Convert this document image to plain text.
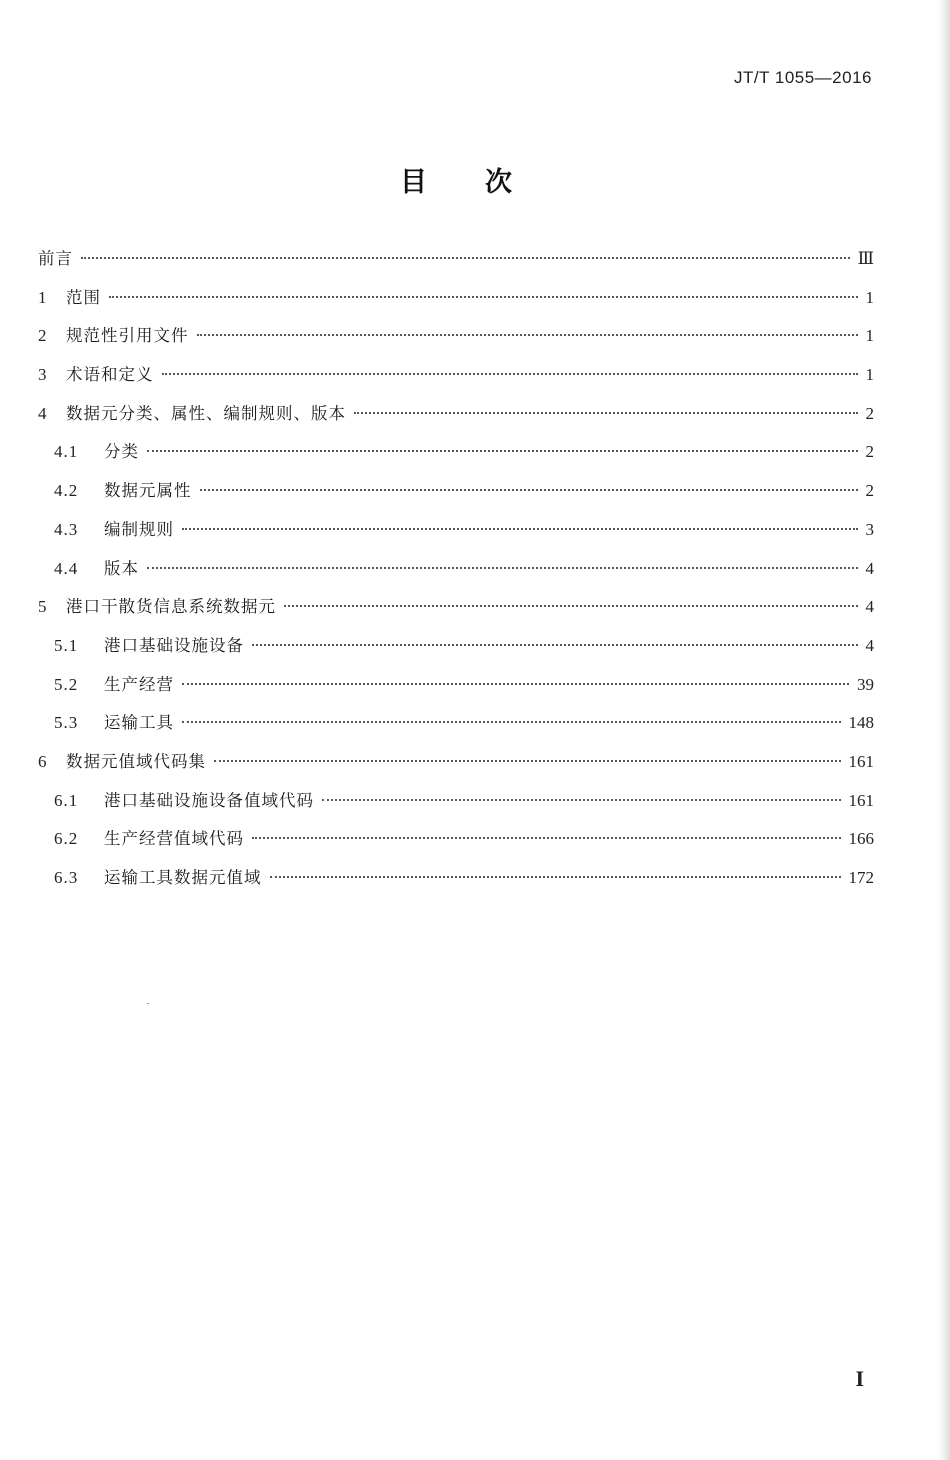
JT/T 1055—2016
目次
前言	Ⅲ
1	范围	1
2	规范性引用文件	1
3	术语和定义	1
4	数据元分类、属性、编制规则、版本	2
4.1	分类	2
4.2	数据元属性	2
4.3	编制规则	3
4.4	版本	4
5	港口干散货信息系统数据元	4
5.1	港口基础设施设备	4
5.2	生产经营	39
5.3	运输工具	148
6	数据元值域代码集	161
6.1	港口基础设施设备值域代码	161
6.2	生产经营值域代码	166
6.3	运输工具数据元值域	172
I
